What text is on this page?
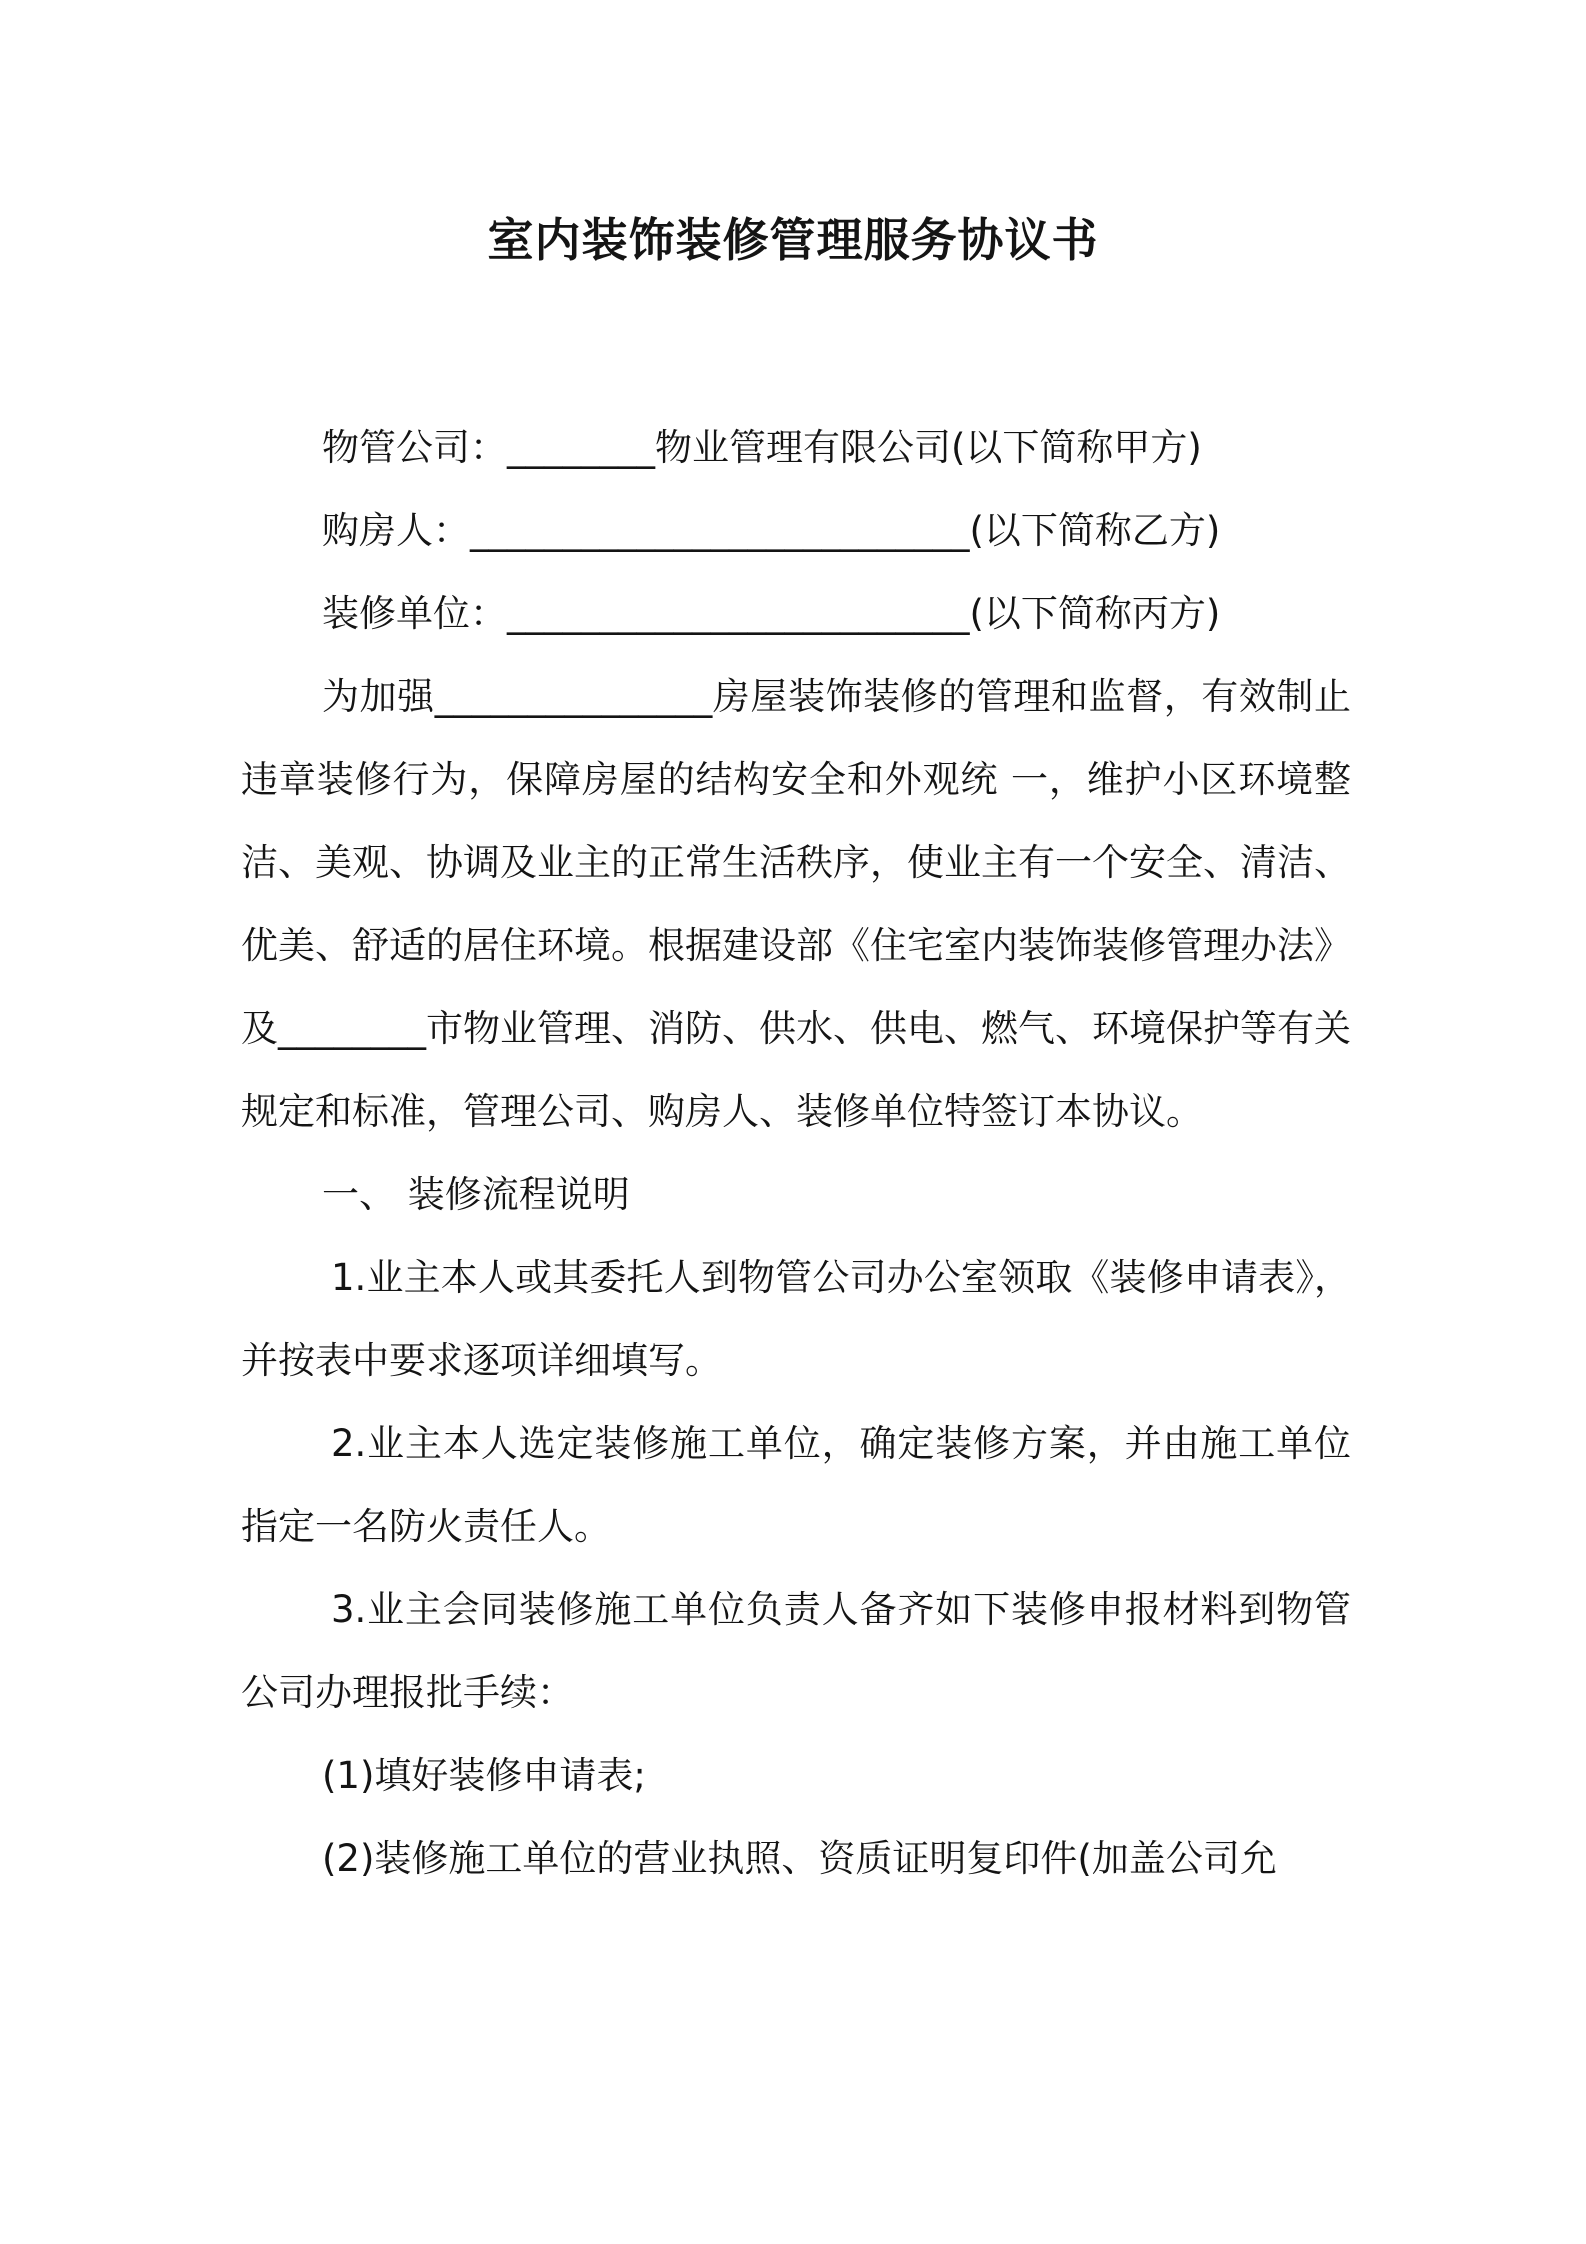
室内装饰装修管理服务协议书

物管公司：________物业管理有限公司(以下简称甲方)

购房人：___________________________(以下简称乙方)

装修单位：_________________________(以下简称丙方)

为加强_______________房屋装饰装修的管理和监督，有效制止违章装修行为，保障房屋的结构安全和外观统 一，维护小区环境整洁、美观、协调及业主的正常生活秩序，使业主有一个安全、清洁、优美、舒适的居住环境。根据建设部《住宅室内装饰装修管理办法》及________市物业管理、消防、供水、供电、燃气、环境保护等有关规定和标准，管理公司、购房人、装修单位特签订本协议。

一、 装修流程说明

1.业主本人或其委托人到物管公司办公室领取《装修申请表》，并按表中要求逐项详细填写。

2.业主本人选定装修施工单位，确定装修方案，并由施工单位指定一名防火责任人。

3.业主会同装修施工单位负责人备齐如下装修申报材料到物管公司办理报批手续：

(1)填好装修申请表;

(2)装修施工单位的营业执照、资质证明复印件(加盖公司允
